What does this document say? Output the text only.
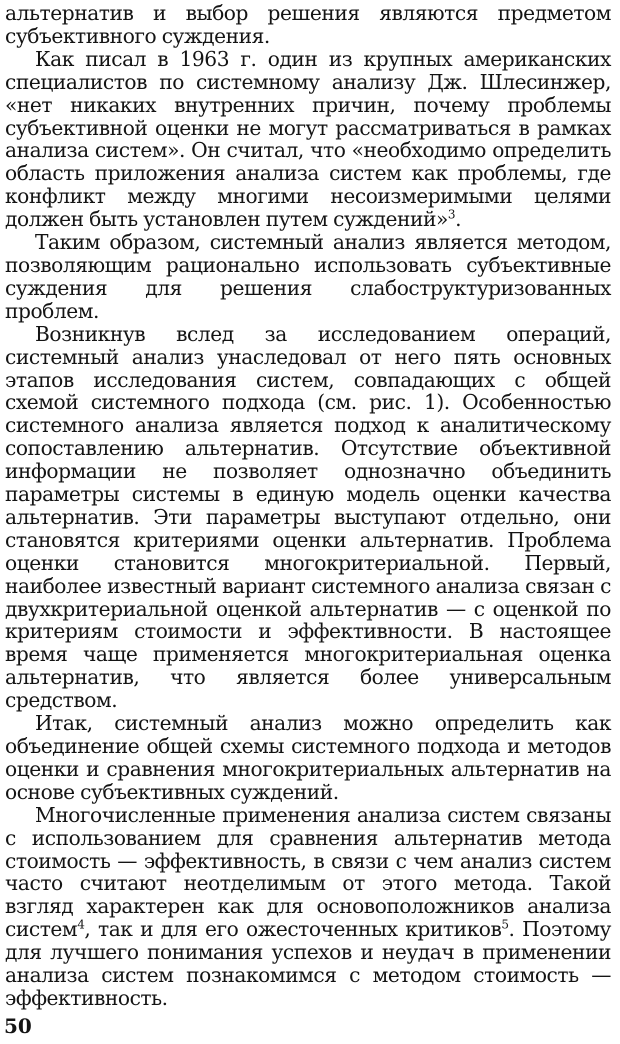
альтернатив и выбор решения являются предметом субъективного суждения.

Как писал в 1963 г. один из крупных американских специалистов по системному анализу Дж. Шлесинжер, «нет никаких внутренних причин, почему проблемы субъективной оценки не могут рассматриваться в рамках анализа систем». Он считал, что «необходимо определить область приложения анализа систем как проблемы, где конфликт между многими несоизмеримыми целями должен быть установлен путем суждений»$^3$.

Таким образом, системный анализ является методом, позволяющим рационально использовать субъективные суждения для решения слабоструктуризованных проблем.

Возникнув вслед за исследованием операций, системный анализ унаследовал от него пять основных этапов исследования систем, совпадающих с общей схемой системного подхода (см. рис. 1). Особенностью системного анализа является подход к аналитическому сопоставлению альтернатив. Отсутствие объективной информации не позволяет однозначно объединить параметры системы в единую модель оценки качества альтернатив. Эти параметры выступают отдельно, они становятся критериями оценки альтернатив. Проблема оценки становится многокритериальной. Первый, наиболее известный вариант системного анализа связан с двухкритериальной оценкой альтернатив — с оценкой по критериям стоимости и эффективности. В настоящее время чаще применяется многокритериальная оценка альтернатив, что является более универсальным средством.

Итак, системный анализ можно определить как объединение общей схемы системного подхода и методов оценки и сравнения многокритериальных альтернатив на основе субъективных суждений.

Многочисленные применения анализа систем связаны с использованием для сравнения альтернатив метода стоимость — эффективность, в связи с чем анализ систем часто считают неотделимым от этого метода. Такой взгляд характерен как для основоположников анализа систем$^4$, так и для его ожесточенных критиков$^5$. Поэтому для лучшего понимания успехов и неудач в применении анализа систем познакомимся с методом стоимость — эффективность.

50
